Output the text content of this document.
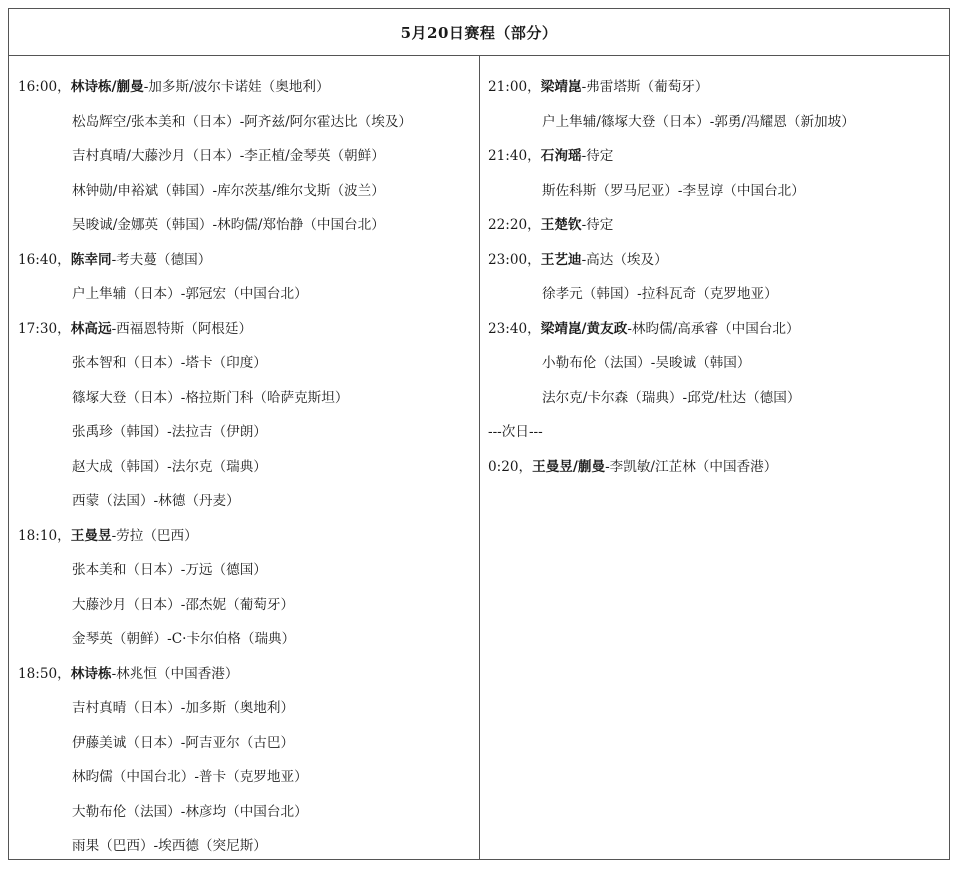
5月20日赛程（部分）
16:00，林诗栋/蒯曼-加多斯/波尔卡诺娃（奥地利）
松岛辉空/张本美和（日本）-阿齐兹/阿尔霍达比（埃及）
吉村真晴/大藤沙月（日本）-李正植/金琴英（朝鲜）
林钟勋/申裕斌（韩国）-库尔茨基/维尔戈斯（波兰）
吴晙诚/金娜英（韩国）-林昀儒/郑怡静（中国台北）
16:40，陈幸同-考夫蔓（德国）
户上隼辅（日本）-郭冠宏（中国台北）
17:30，林高远-西福恩特斯（阿根廷）
张本智和（日本）-塔卡（印度）
篠塚大登（日本）-格拉斯门科（哈萨克斯坦）
张禹珍（韩国）-法拉吉（伊朗）
赵大成（韩国）-法尔克（瑞典）
西蒙（法国）-林德（丹麦）
18:10，王曼昱-劳拉（巴西）
张本美和（日本）-万远（德国）
大藤沙月（日本）-邵杰妮（葡萄牙）
金琴英（朝鲜）-C·卡尔伯格（瑞典）
18:50，林诗栋-林兆恒（中国香港）
吉村真晴（日本）-加多斯（奥地利）
伊藤美诚（日本）-阿吉亚尔（古巴）
林昀儒（中国台北）-普卡（克罗地亚）
大勒布伦（法国）-林彦均（中国台北）
雨果（巴西）-埃西德（突尼斯）
21:00，梁靖崑-弗雷塔斯（葡萄牙）
户上隼辅/篠塚大登（日本）-郭勇/冯耀恩（新加坡）
21:40，石洵瑶-待定
斯佐科斯（罗马尼亚）-李昱谆（中国台北）
22:20，王楚钦-待定
23:00，王艺迪-高达（埃及）
徐孝元（韩国）-拉科瓦奇（克罗地亚）
23:40，梁靖崑/黄友政-林昀儒/高承睿（中国台北）
小勒布伦（法国）-吴晙诚（韩国）
法尔克/卡尔森（瑞典）-邱党/杜达（德国）
---次日---
0:20，王曼昱/蒯曼-李凯敏/江芷林（中国香港）
